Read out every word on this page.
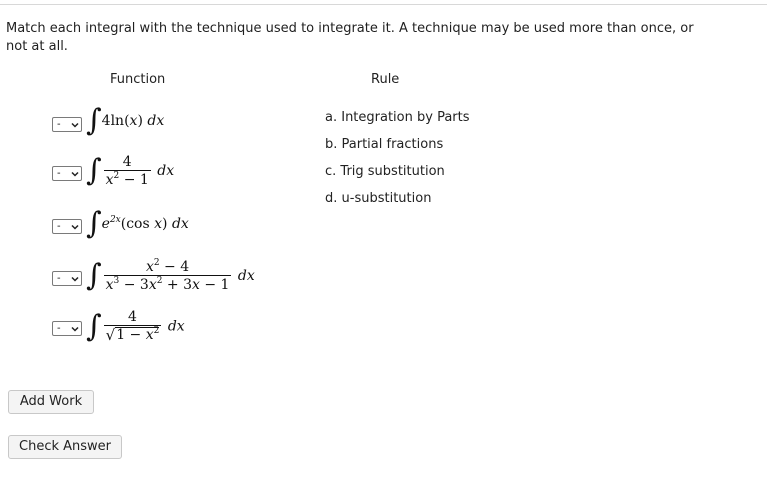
Match each integral with the technique used to integrate it. A technique may be used more than once, or not at all.
Function	Rule
- ∫4ln(x) dx
- ∫ $\frac{4}{x^2 - 1}$ dx
- $\int e^{2x}(\cos$ x) dx
- ∫ $\frac{x^2 - 4}{x^3 - 3x^2 + 3x - 1}$ dx
- ∫ $\frac{4}{√ 1 - x^2}$ dx
a. Integration by Parts
b. Partial fractions
c. Trig substitution
d. u-substitution
Add Work
Check Answer
